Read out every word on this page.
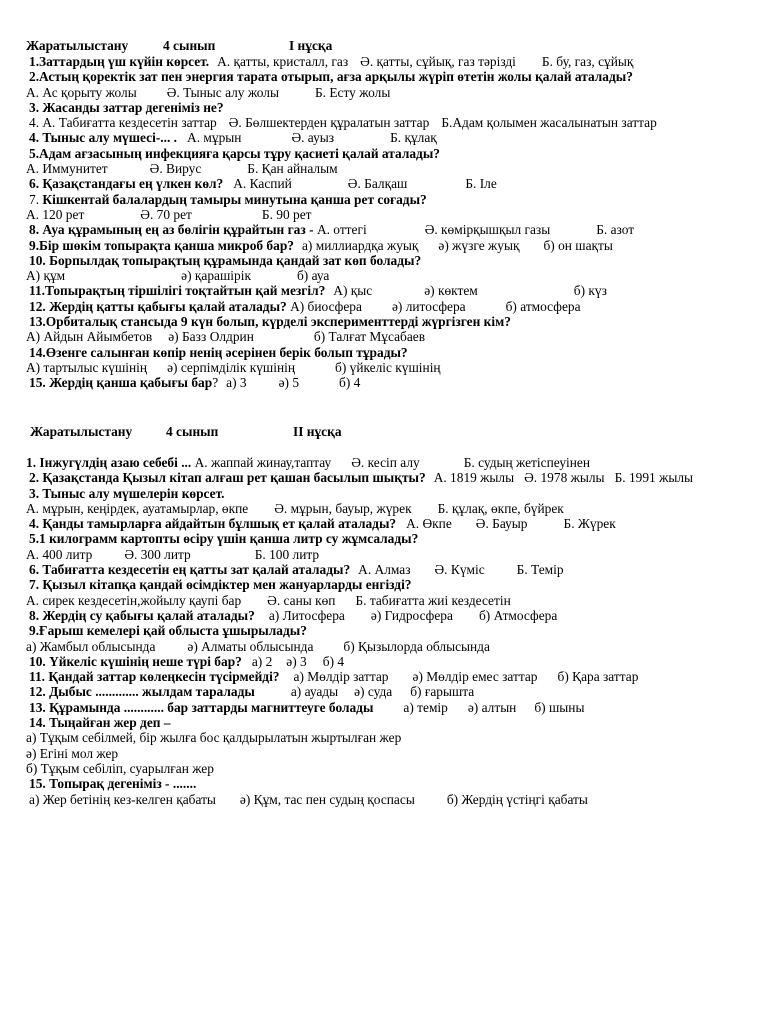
Жаратылыстану	4 сынып	I нұсқа
1.Заттардың үш күйін көрсет. А. қатты, кристалл, газ Ә. қатты, сұйық, газ тәрізді Б. бу, газ, сұйық
2.Астың қоректік зат пен энергия тарата отырып, ағза арқылы жүріп өтетін жолы қалай аталады?
А. Ас қорыту жолы Ә. Тыныс алу жолы	Б. Есту жолы
3. Жасанды заттар дегеніміз не?
4. А. Табиғатта кездесетін заттар Ә. Бөлшектерден құралатын заттар Б.Адам қолымен жасалынатын заттар
4. Тыныс алу мүшесі-... . А. мұрын	Ә. ауыз	Б. құлақ
5.Адам ағзасының инфекцияға қарсы тұру қасиеті қалай аталады?
А. Иммунитет	Ә. Вирус	Б. Қан айналым
6. Қазақстандағы ең үлкен көл? А. Каспий	Ә. Балқаш	Б. Іле
7. Кішкентай балалардың тамыры минутына қанша рет соғады?
А. 120 рет	Ә. 70 рет	Б. 90 рет
8. Ауа құрамының ең аз бөлігін құрайтын газ - А. оттегі	Ә. көмірқышқыл газы	Б. азот
9.Бір шөкім топырақта қанша микроб бар? а) миллиардқа жуық ә) жүзге жуық б) он шақты
10. Борпылдақ топырақтың құрамында қандай зат көп болады?
А) құм	ә) қарашірік	б) ауа
11.Топырақтың тіршілігі тоқтайтын қай мезгіл? А) қыс	ә) көктем	б) күз
12. Жердің қатты қабығы қалай аталады? А) биосфера ә) литосфера	б) атмосфера
13.Орбиталық стансыда 9 күн болып, күрделі эксперименттерді жүргізген кім?
А) Айдын Айымбетов ә) Базз Олдрин	б) Талғат Мұсабаев
14.Өзенге салынған көпір ненің әсерінен берік болып тұрады?
А) тартылыс күшінің ә) серпімділік күшінің	б) үйкеліс күшінің
15. Жердің қанша қабығы бар? а) 3 ә) 5	б) 4
Жаратылыстану	4 сынып	II нұсқа
1. Інжугүлдің азаю себебі ... А. жаппай жинау,таптау Ә. кесіп алу	Б. судың жетіспеуінен
2. Қазақстанда Қызыл кітап алғаш рет қашан басылып шықты? А. 1819 жылы Ә. 1978 жылы Б. 1991 жылы
3. Тыныс алу мүшелерін көрсет.
А. мұрын, кеңірдек, ауатамырлар, өкпе Ә. мұрын, бауыр, жүрек Б. құлақ, өкпе, бүйрек
4. Қанды тамырларға айдайтын бұлшық ет қалай аталады? А. Өкпе Ә. Бауыр	Б. Жүрек
5.1 килограмм картопты өсіру үшін қанша литр су жұмсалады?
А. 400 литр Ә. 300 литр	Б. 100 литр
6. Табиғатта кездесетін ең қатты зат қалай аталады? А. Алмаз Ә. Күміс Б. Темір
7. Қызыл кітапқа қандай өсімдіктер мен жануарларды енгізді?
А. сирек кездесетін,жойылу қаупі бар Ә. саны көп Б. табиғатта жиі кездесетін
8. Жердің су қабығы қалай аталады? а) Литосфера ә) Гидросфера б) Атмосфера
9.Ғарыш кемелері қай облыста ұшырылады?
а) Жамбыл облысында ә) Алматы облысында б) Қызылорда облысында
10. Үйкеліс күшінің неше түрі бар? а) 2 ә) 3 б) 4
11. Қандай заттар көлеңкесін түсірмейді? а) Мөлдір заттар ә) Мөлдір емес заттар б) Қара заттар
12. Дыбыс ............. жылдам таралады	а) ауады ә) суда б) ғарышта
13. Құрамында ............ бар заттарды магниттеуге болады а) темір ә) алтын б) шыны
14. Тыңайған жер деп –
а) Тұқым себілмей, бір жылға бос қалдырылатын жыртылған жер
ә) Егіні мол жер
б) Тұқым себіліп, суарылған жер
15. Топырақ дегеніміз - .......
а) Жер бетінің кез-келген қабаты ә) Құм, тас пен судың қоспасы б) Жердің үстіңгі қабаты
